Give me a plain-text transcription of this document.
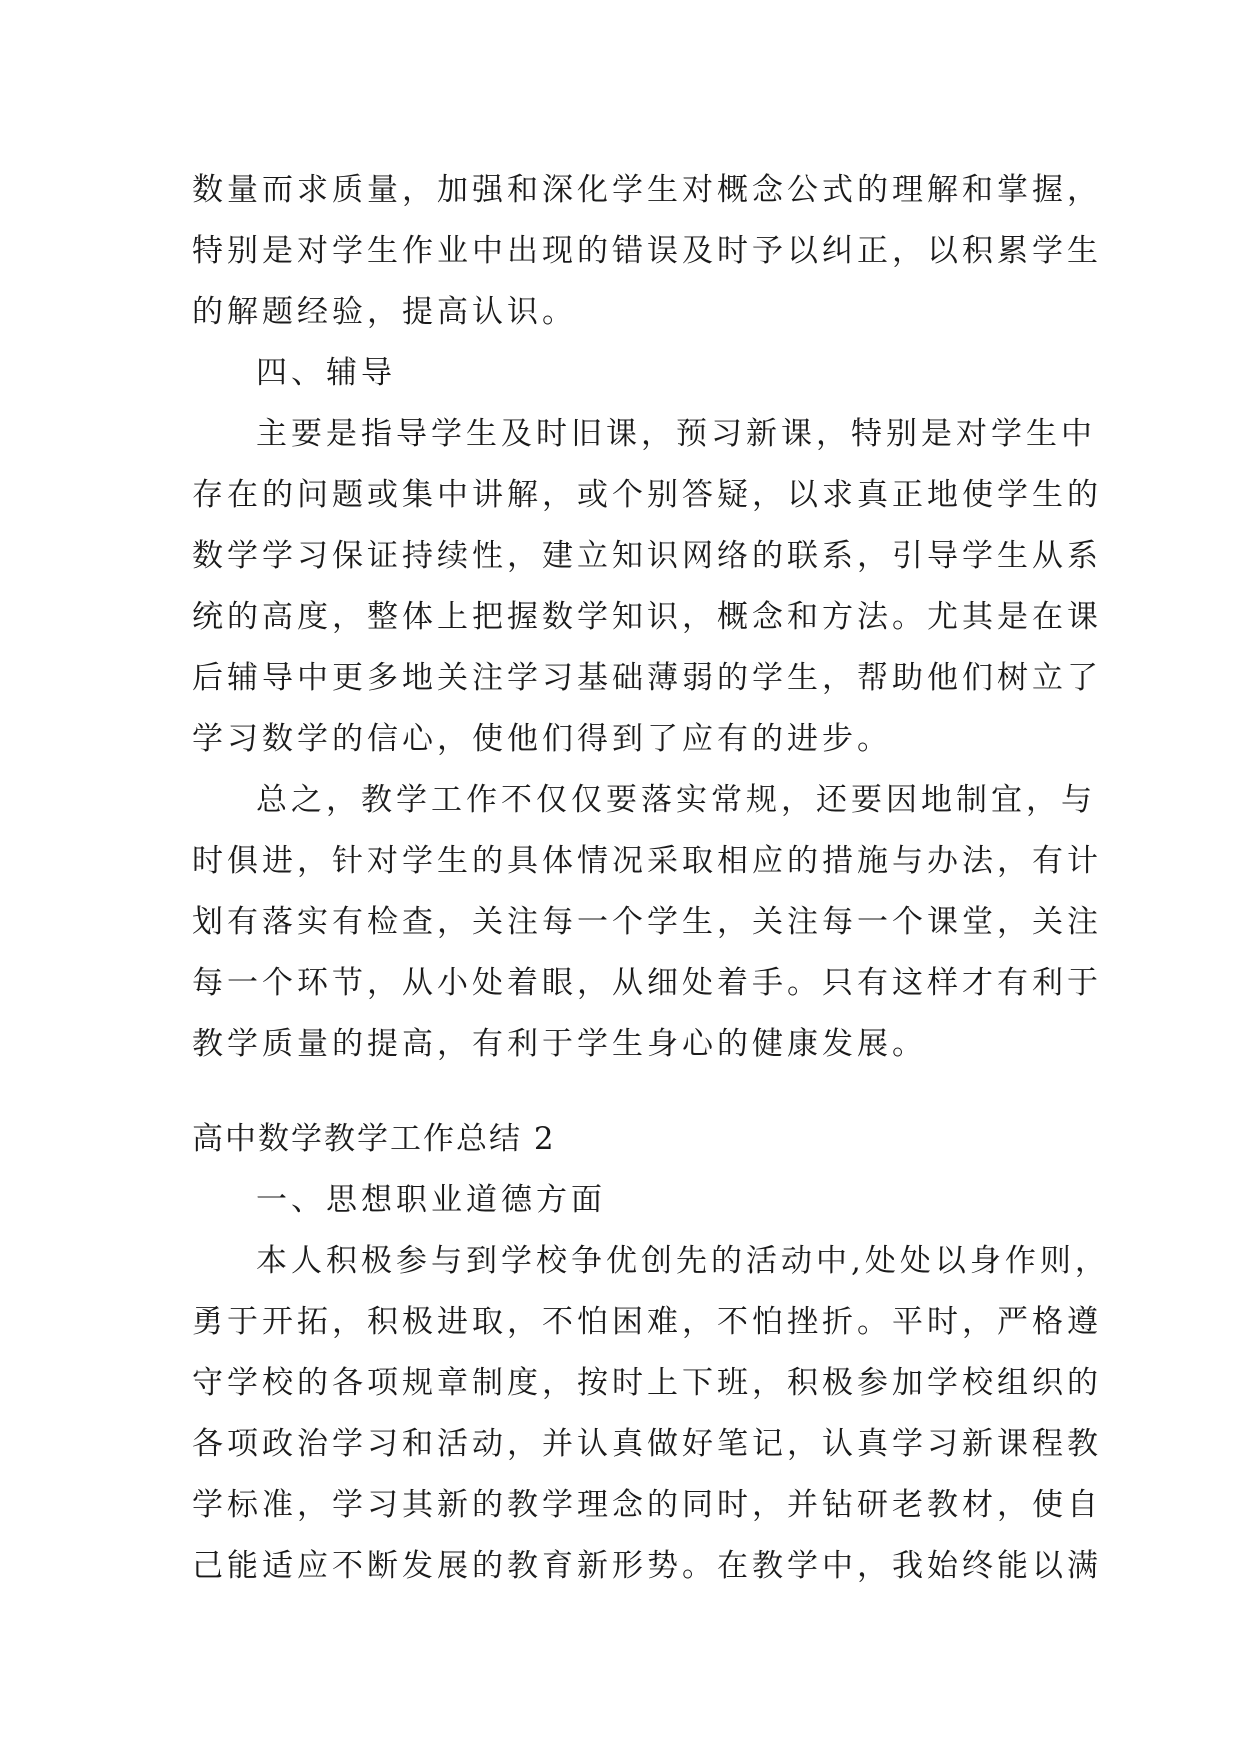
数量而求质量，加强和深化学生对概念公式的理解和掌握，

特别是对学生作业中出现的错误及时予以纠正，以积累学生

的解题经验，提高认识。

四、辅导

主要是指导学生及时旧课，预习新课，特别是对学生中

存在的问题或集中讲解，或个别答疑，以求真正地使学生的

数学学习保证持续性，建立知识网络的联系，引导学生从系

统的高度，整体上把握数学知识，概念和方法。尤其是在课

后辅导中更多地关注学习基础薄弱的学生，帮助他们树立了

学习数学的信心，使他们得到了应有的进步。

总之，教学工作不仅仅要落实常规，还要因地制宜，与

时俱进，针对学生的具体情况采取相应的措施与办法，有计

划有落实有检查，关注每一个学生，关注每一个课堂，关注

每一个环节，从小处着眼，从细处着手。只有这样才有利于

教学质量的提高，有利于学生身心的健康发展。

高中数学教学工作总结 2

一、思想职业道德方面

本人积极参与到学校争优创先的活动中,处处以身作则，

勇于开拓，积极进取，不怕困难，不怕挫折。平时，严格遵

守学校的各项规章制度，按时上下班，积极参加学校组织的

各项政治学习和活动，并认真做好笔记，认真学习新课程教

学标准，学习其新的教学理念的同时，并钻研老教材，使自

己能适应不断发展的教育新形势。在教学中，我始终能以满
